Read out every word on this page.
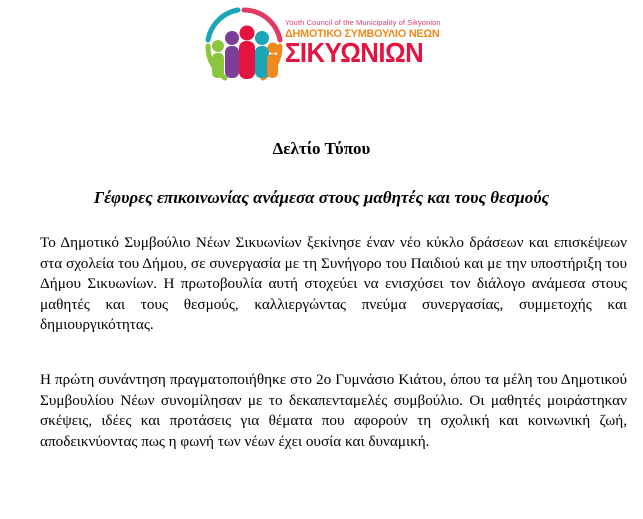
Youth Council of the Municipality of Sikyonion
ΔΗΜΟΤΙΚΟ ΣΥΜΒΟΥΛΙΟ ΝΕΩΝ
ΣΙΚΥΩΝΙΩΝ
Δελτίο Τύπου
Γέφυρες επικοινωνίας ανάμεσα στους μαθητές και τους θεσμούς

Το Δημοτικό Συμβούλιο Νέων Σικυωνίων ξεκίνησε έναν νέο κύκλο δράσεων και επισκέψεων στα σχολεία του Δήμου, σε συνεργασία με τη Συνήγορο του Παιδιού και με την υποστήριξη του Δήμου Σικυωνίων. Η πρωτοβουλία αυτή στοχεύει να ενισχύσει τον διάλογο ανάμεσα στους μαθητές και τους θεσμούς, καλλιεργώντας πνεύμα συνεργασίας, συμμετοχής και δημιουργικότητας.

Η πρώτη συνάντηση πραγματοποιήθηκε στο 2ο Γυμνάσιο Κιάτου, όπου τα μέλη του Δημοτικού Συμβουλίου Νέων συνομίλησαν με το δεκαπενταμελές συμβούλιο. Οι μαθητές μοιράστηκαν σκέψεις, ιδέες και προτάσεις για θέματα που αφορούν τη σχολική και κοινωνική ζωή, αποδεικνύοντας πως η φωνή των νέων έχει ουσία και δυναμική.
